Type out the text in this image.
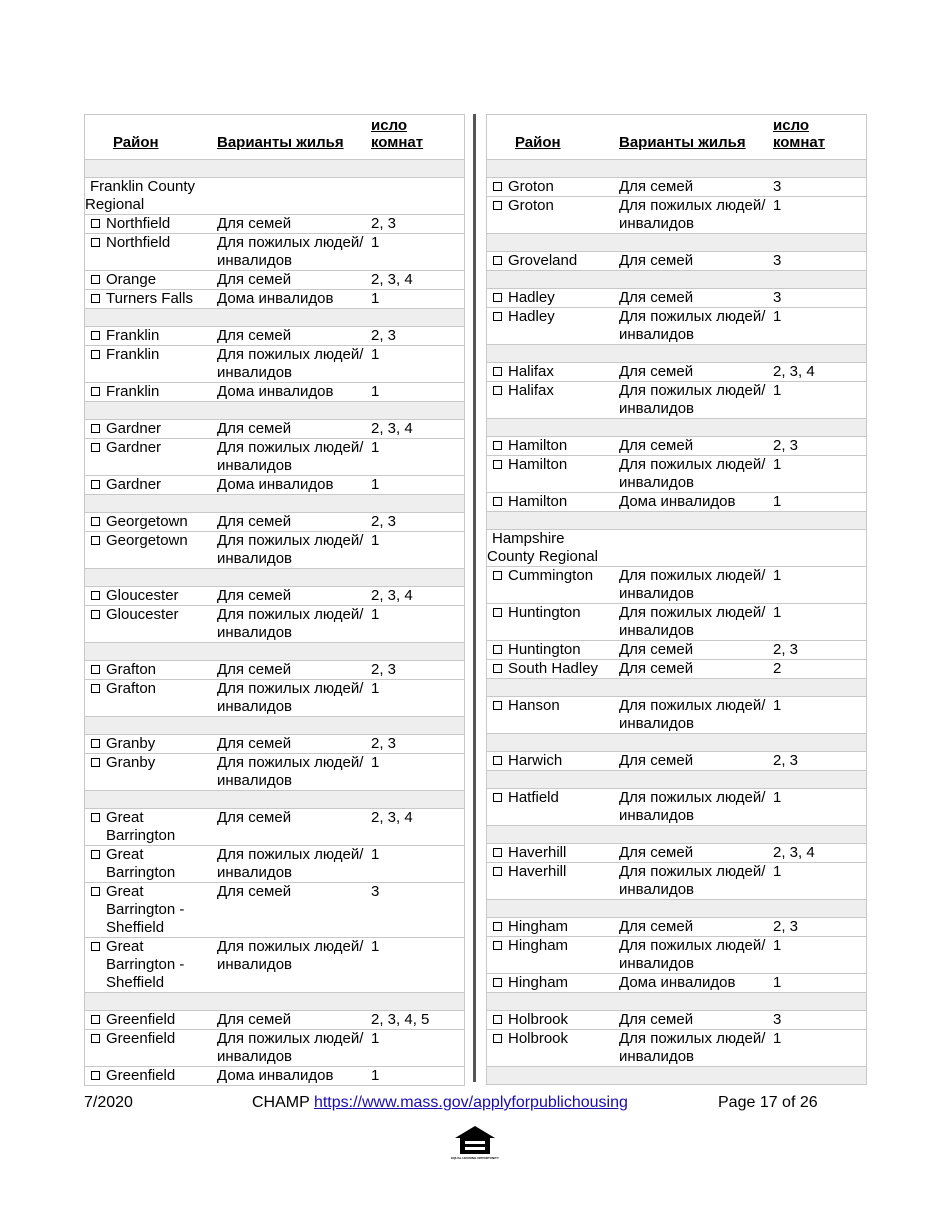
Район	Варианты жилья	исло
комнат

Franklin County
Regional		

Northfield	Для семей	2, 3

Northfield	Для пожилых людей/инвалидов	1

Orange	Для семей	2, 3, 4

Turners Falls	Дома инвалидов	1

Franklin	Для семей	2, 3

Franklin	Для пожилых людей/инвалидов	1

Franklin	Дома инвалидов	1

Gardner	Для семей	2, 3, 4

Gardner	Для пожилых людей/инвалидов	1

Gardner	Дома инвалидов	1

Georgetown	Для семей	2, 3

Georgetown	Для пожилых людей/инвалидов	1

Gloucester	Для семей	2, 3, 4

Gloucester	Для пожилых людей/инвалидов	1

Grafton	Для семей	2, 3

Grafton	Для пожилых людей/инвалидов	1

Granby	Для семей	2, 3

Granby	Для пожилых людей/инвалидов	1

Great Barrington	Для семей	2, 3, 4

Great Barrington	Для пожилых людей/инвалидов	1

Great Barrington - Sheffield	Для семей	3

Great Barrington - Sheffield	Для пожилых людей/инвалидов	1

Greenfield	Для семей	2, 3, 4, 5

Greenfield	Для пожилых людей/инвалидов	1

Greenfield	Дома инвалидов	1
Район	Варианты жилья	исло
комнат

Groton	Для семей	3

Groton	Для пожилых людей/инвалидов	1

Groveland	Для семей	3

Hadley	Для семей	3

Hadley	Для пожилых людей/инвалидов	1

Halifax	Для семей	2, 3, 4

Halifax	Для пожилых людей/инвалидов	1

Hamilton	Для семей	2, 3

Hamilton	Для пожилых людей/инвалидов	1

Hamilton	Дома инвалидов	1

Hampshire
County Regional		

Cummington	Для пожилых людей/инвалидов	1

Huntington	Для пожилых людей/инвалидов	1

Huntington	Для семей	2, 3

South Hadley	Для семей	2

Hanson	Для пожилых людей/инвалидов	1

Harwich	Для семей	2, 3

Hatfield	Для пожилых людей/инвалидов	1

Haverhill	Для семей	2, 3, 4

Haverhill	Для пожилых людей/инвалидов	1

Hingham	Для семей	2, 3

Hingham	Для пожилых людей/инвалидов	1

Hingham	Дома инвалидов	1

Holbrook	Для семей	3

Holbrook	Для пожилых людей/инвалидов	1

7/2020	CHAMP https://www.mass.gov/applyforpublichousing	Page 17 of 26
EQUAL HOUSING OPPORTUNITY
